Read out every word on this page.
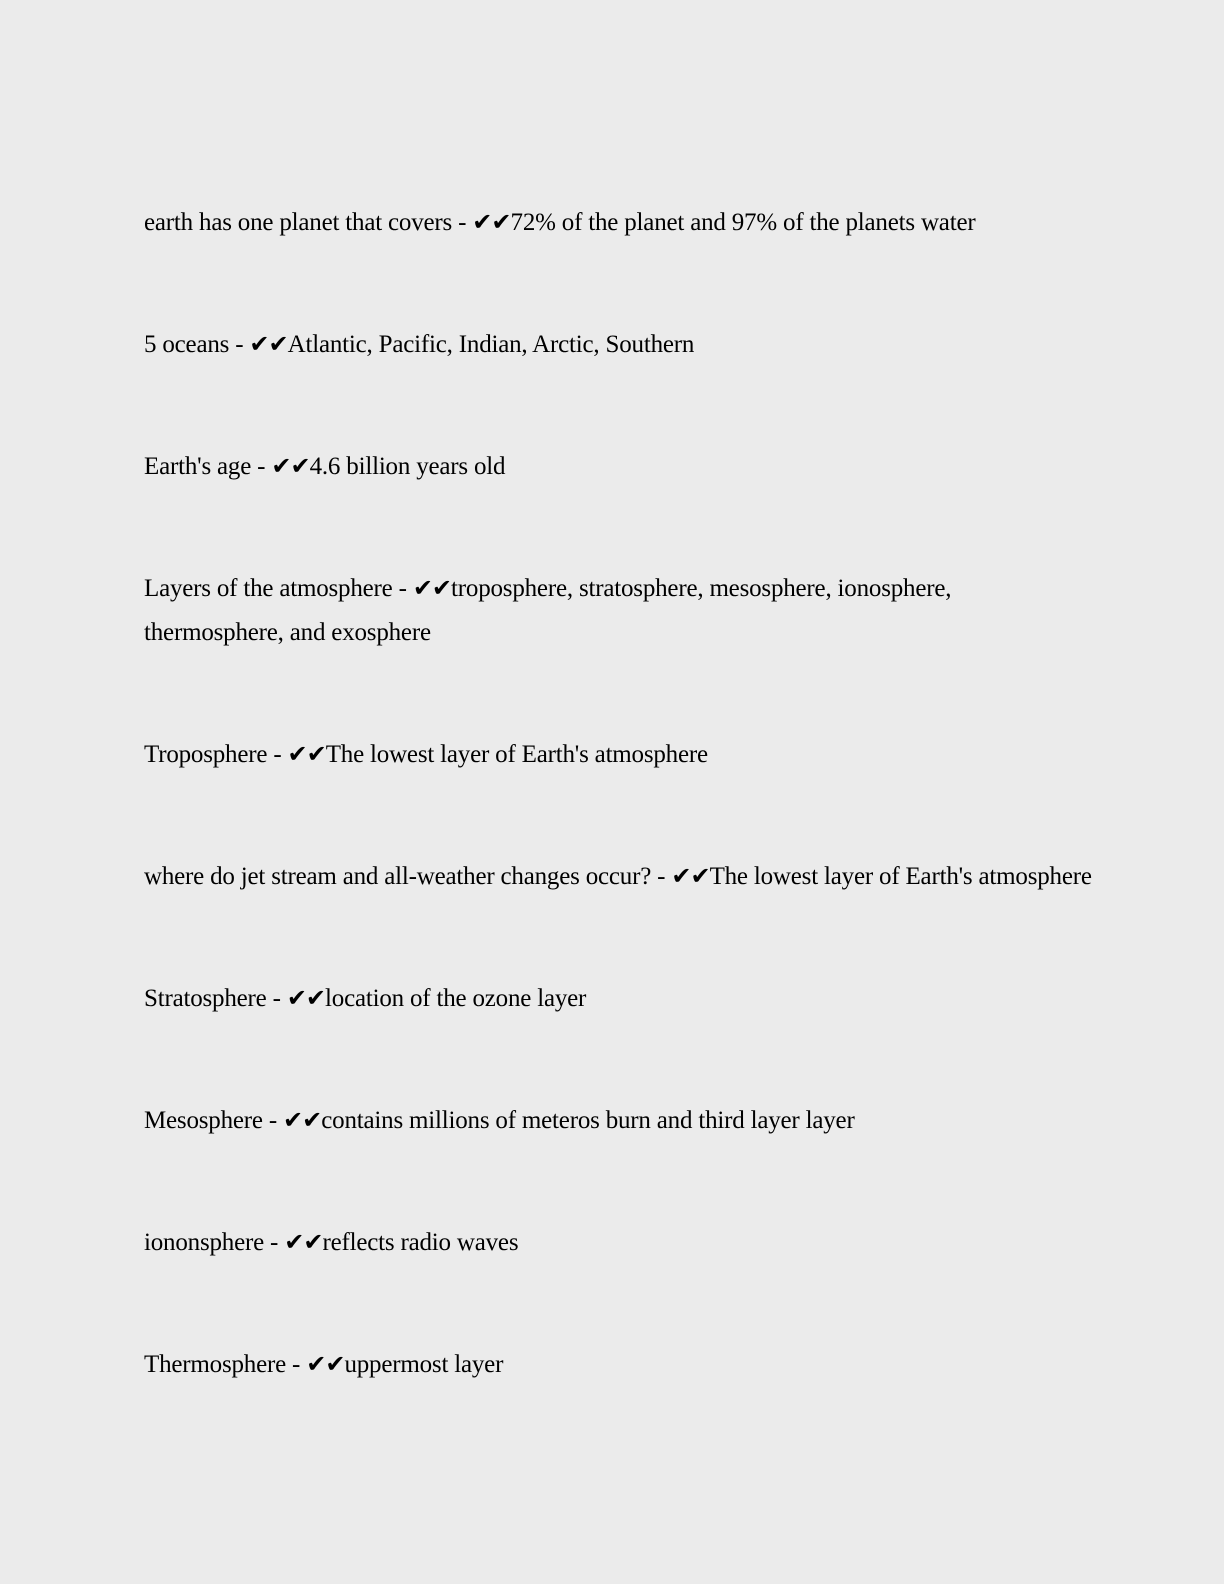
earth has one planet that covers - ✔✔72% of the planet and 97% of the planets water

5 oceans - ✔✔Atlantic, Pacific, Indian, Arctic, Southern

Earth's age - ✔✔4.6 billion years old

Layers of the atmosphere - ✔✔troposphere, stratosphere, mesosphere, ionosphere, thermosphere, and exosphere

Troposphere - ✔✔The lowest layer of Earth's atmosphere

where do jet stream and all-weather changes occur? - ✔✔The lowest layer of Earth's atmosphere

Stratosphere - ✔✔location of the ozone layer

Mesosphere - ✔✔contains millions of meteros burn and third layer layer

iononsphere - ✔✔reflects radio waves

Thermosphere - ✔✔uppermost layer
